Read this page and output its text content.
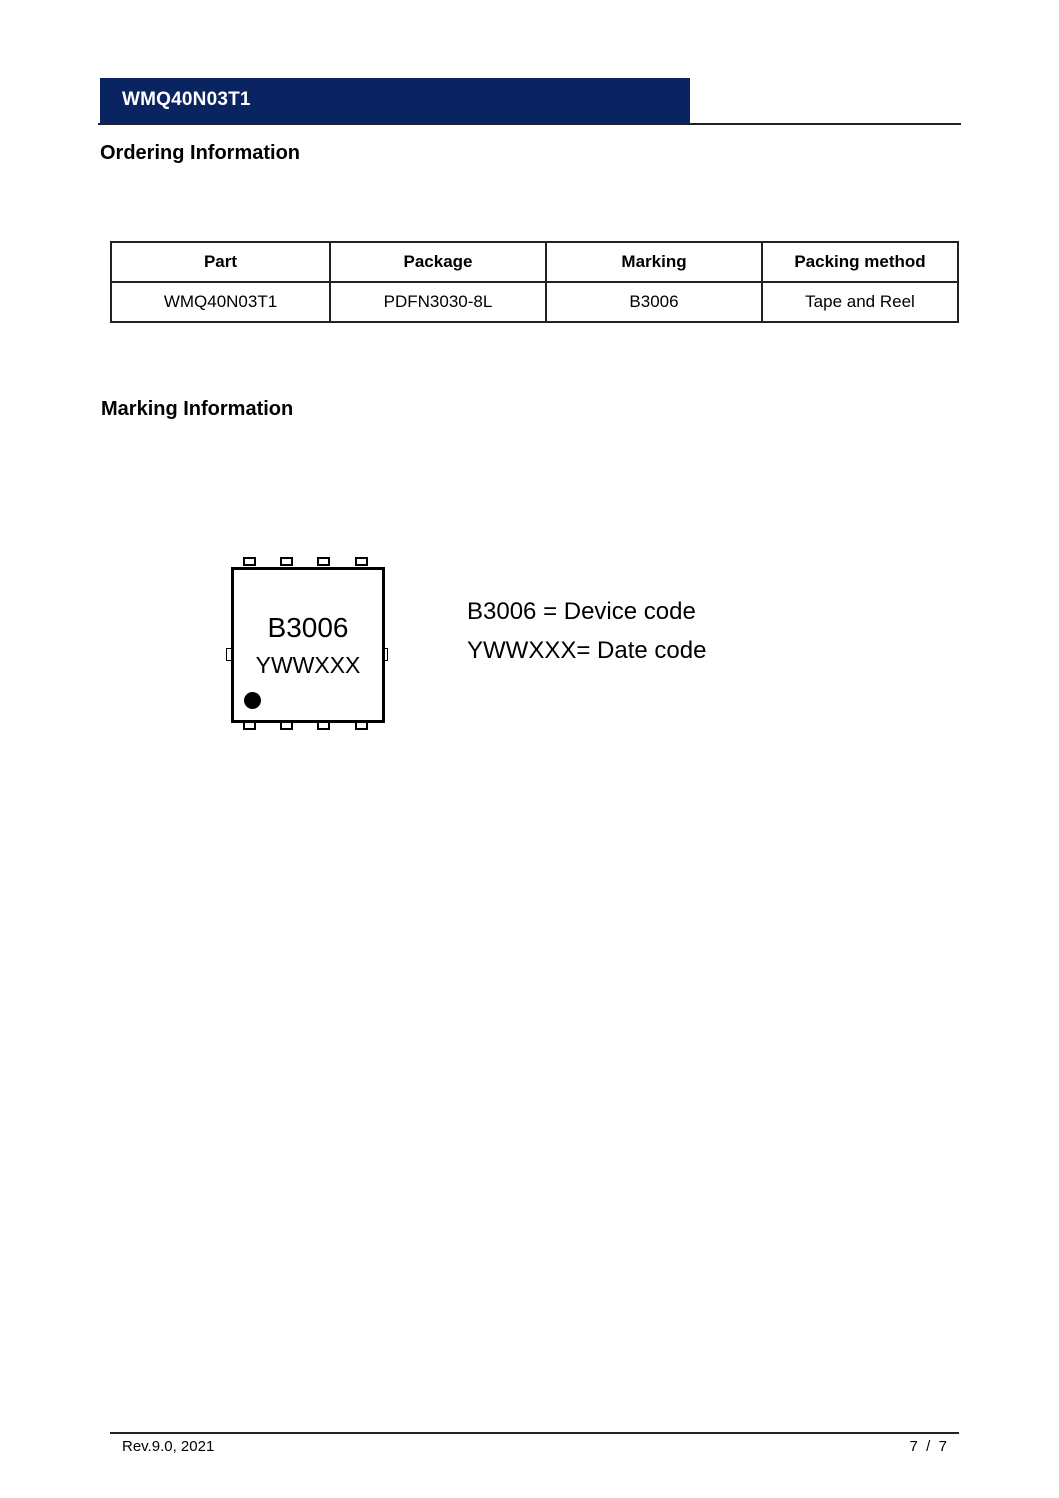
WMQ40N03T1
Ordering Information
Part	Package	Marking	Packing method
WMQ40N03T1	PDFN3030-8L	B3006	Tape and Reel
Marking Information
B3006
YWWXXX
B3006 = Device code
YWWXXX= Date code
Rev.9.0, 2021	7  /  7
